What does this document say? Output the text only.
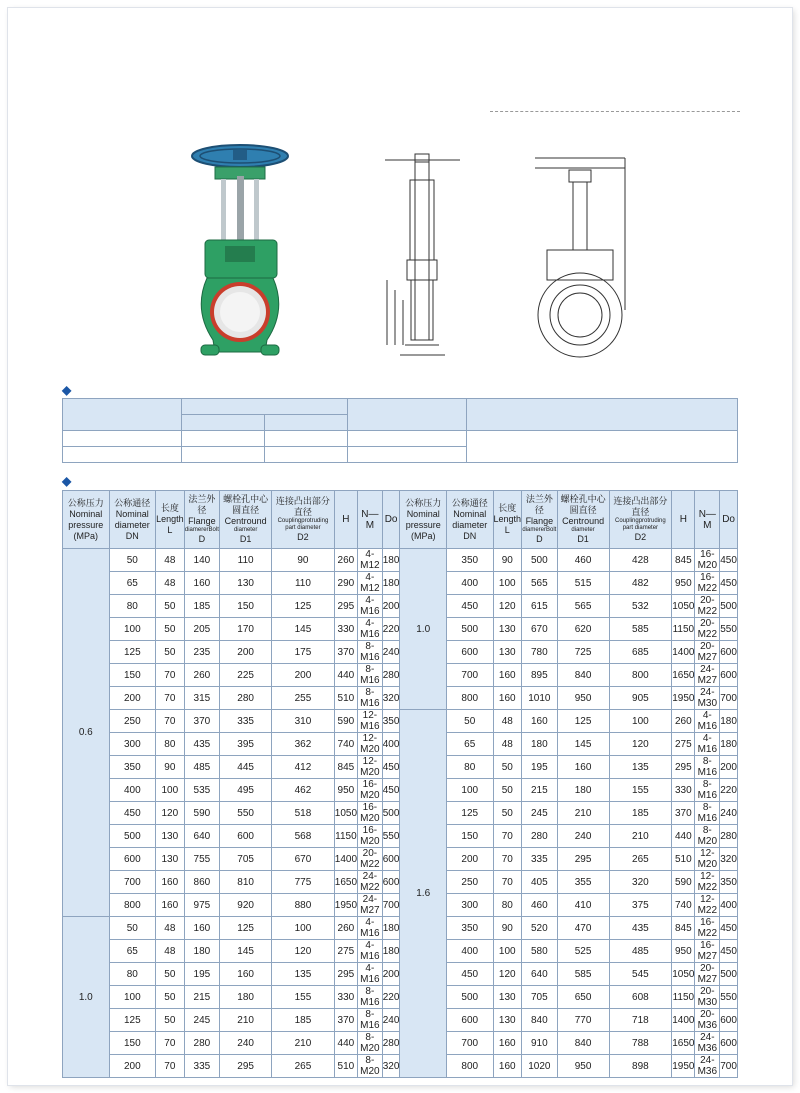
◆

◆
公称压力
Nominal pressure
(MPa)	公称通径
Nominal diameter
DN	长度
Length
L	法兰外径
Flange
diamererBolt
D	螺栓孔中心圆直径
Centround
diameter
D1	连接凸出部分直径
Couplingprotruding part diameter
D2	H	N—M	Do	公称压力
Nominal pressure
(MPa)	公称通径
Nominal diameter
DN	长度
Length
L	法兰外径
Flange
diamererBolt
D	螺栓孔中心圆直径
Centround
diameter
D1	连接凸出部分直径
Couplingprotruding part diameter
D2	H	N—M	Do

0.6	50	48	140	110	90	260	4-M12	180	1.0	350	90	500	460	428	845	16-M20	450
	65	48	160	130	110	290	4-M12	180		400	100	565	515	482	950	16-M22	450
	80	50	185	150	125	295	4-M16	200		450	120	615	565	532	1050	20-M22	500
	100	50	205	170	145	330	4-M16	220		500	130	670	620	585	1150	20-M22	550
	125	50	235	200	175	370	8-M16	240		600	130	780	725	685	1400	20-M27	600
	150	70	260	225	200	440	8-M16	280		700	160	895	840	800	1650	24-M27	600
	200	70	315	280	255	510	8-M16	320		800	160	1010	950	905	1950	24-M30	700
	250	70	370	335	310	590	12-M16	350	1.6	50	48	160	125	100	260	4-M16	180
	300	80	435	395	362	740	12-M20	400		65	48	180	145	120	275	4-M16	180
	350	90	485	445	412	845	12-M20	450		80	50	195	160	135	295	8-M16	200
	400	100	535	495	462	950	16-M20	450		100	50	215	180	155	330	8-M16	220
	450	120	590	550	518	1050	16-M20	500		125	50	245	210	185	370	8-M16	240
	500	130	640	600	568	1150	16-M20	550		150	70	280	240	210	440	8-M20	280
	600	130	755	705	670	1400	20-M22	600		200	70	335	295	265	510	12-M20	320
	700	160	860	810	775	1650	24-M22	600		250	70	405	355	320	590	12-M22	350
	800	160	975	920	880	1950	24-M27	700		300	80	460	410	375	740	12-M22	400
1.0	50	48	160	125	100	260	4-M16	180		350	90	520	470	435	845	16-M22	450
	65	48	180	145	120	275	4-M16	180		400	100	580	525	485	950	16-M27	450
	80	50	195	160	135	295	4-M16	200		450	120	640	585	545	1050	20-M27	500
	100	50	215	180	155	330	8-M16	220		500	130	705	650	608	1150	20-M30	550
	125	50	245	210	185	370	8-M16	240		600	130	840	770	718	1400	20-M36	600
	150	70	280	240	210	440	8-M20	280		700	160	910	840	788	1650	24-M36	600
	200	70	335	295	265	510	8-M20	320		800	160	1020	950	898	1950	24-M36	700
